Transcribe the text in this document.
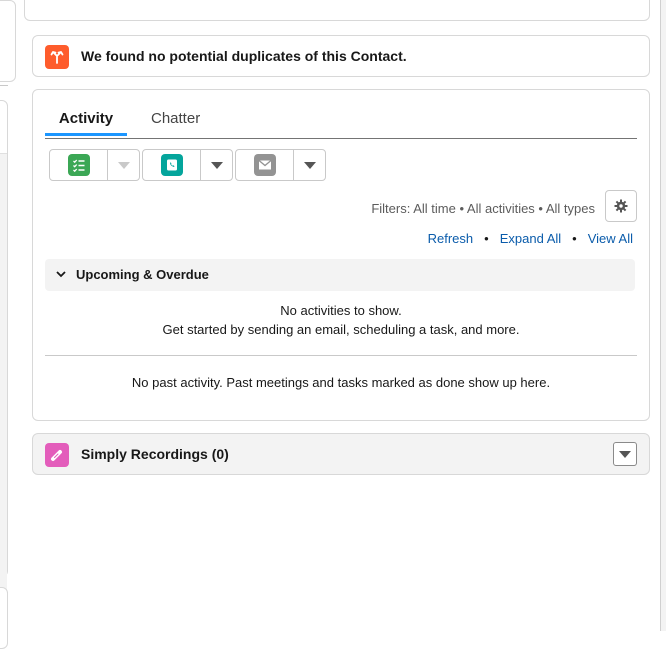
We found no potential duplicates of this Contact.
Activity	Chatter
Filters: All time • All activities • All types
Refresh • Expand All • View All
Upcoming & Overdue
No activities to show.
Get started by sending an email, scheduling a task, and more.
No past activity. Past meetings and tasks marked as done show up here.
Simply Recordings (0)
